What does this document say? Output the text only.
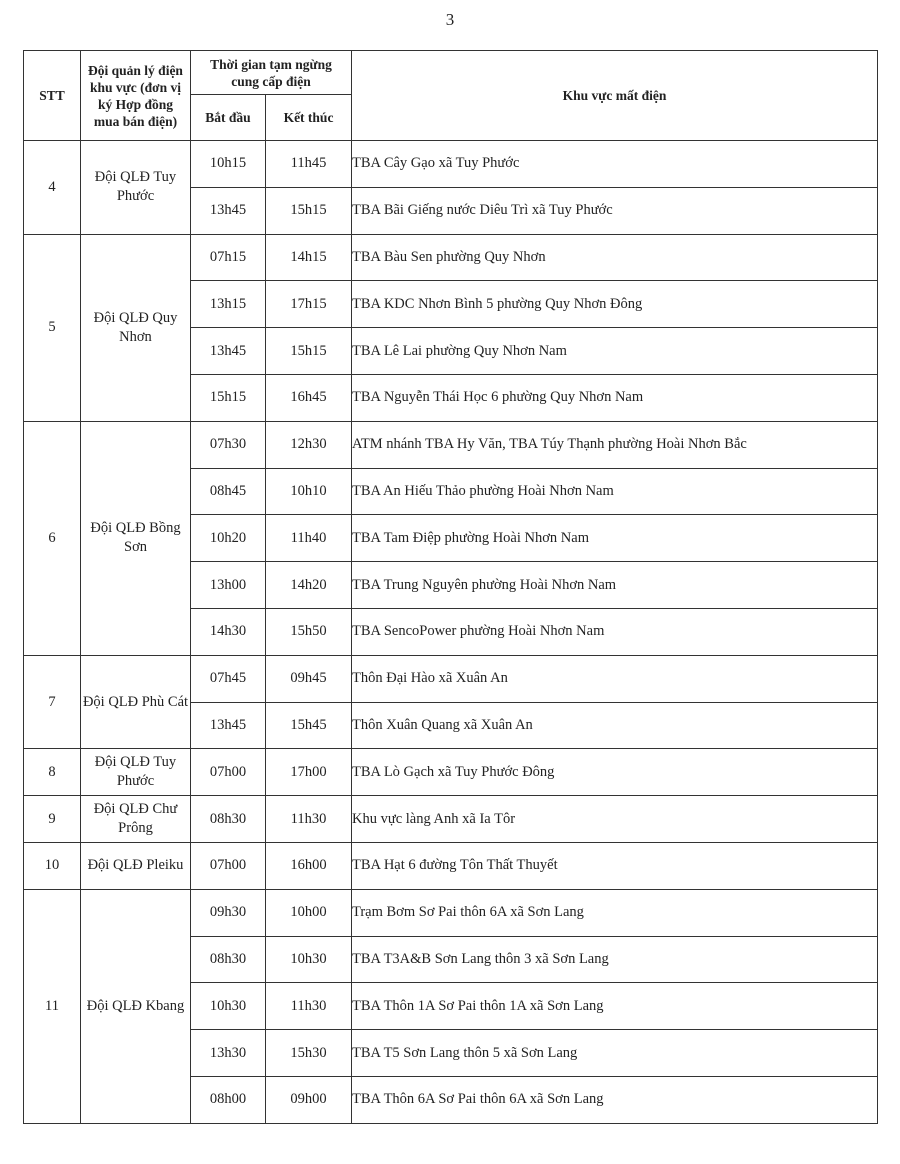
3
STT	Đội quản lý điện khu vực (đơn vị ký Hợp đồng mua bán điện)	Thời gian tạm ngừng cung cấp điện		Khu vực mất điện
		Bắt đầu	Kết thúc	
4	Đội QLĐ Tuy Phước	10h15	11h45	TBA Cây Gạo xã Tuy Phước
		13h45	15h15	TBA Bãi Giếng nước Diêu Trì xã Tuy Phước
5	Đội QLĐ Quy Nhơn	07h15	14h15	TBA Bàu Sen phường Quy Nhơn
		13h15	17h15	TBA KDC Nhơn Bình 5 phường Quy Nhơn Đông
		13h45	15h15	TBA Lê Lai phường Quy Nhơn Nam
		15h15	16h45	TBA Nguyễn Thái Học 6 phường Quy Nhơn Nam
6	Đội QLĐ Bồng Sơn	07h30	12h30	ATM nhánh TBA Hy Văn, TBA Túy Thạnh phường Hoài Nhơn Bắc
		08h45	10h10	TBA An Hiếu Thảo phường Hoài Nhơn Nam
		10h20	11h40	TBA Tam Điệp phường Hoài Nhơn Nam
		13h00	14h20	TBA Trung Nguyên phường Hoài Nhơn Nam
		14h30	15h50	TBA SencoPower phường Hoài Nhơn Nam
7	Đội QLĐ Phù Cát	07h45	09h45	Thôn Đại Hào xã Xuân An
		13h45	15h45	Thôn Xuân Quang xã Xuân An
8	Đội QLĐ Tuy Phước	07h00	17h00	TBA Lò Gạch xã Tuy Phước Đông
9	Đội QLĐ Chư Prông	08h30	11h30	Khu vực làng Anh xã Ia Tôr
10	Đội QLĐ Pleiku	07h00	16h00	TBA Hạt 6 đường Tôn Thất Thuyết
11	Đội QLĐ Kbang	09h30	10h00	Trạm Bơm Sơ Pai thôn 6A xã Sơn Lang
		08h30	10h30	TBA T3A&B Sơn Lang thôn 3 xã Sơn Lang
		10h30	11h30	TBA Thôn 1A Sơ Pai thôn 1A xã Sơn Lang
		13h30	15h30	TBA T5 Sơn Lang thôn 5 xã Sơn Lang
		08h00	09h00	TBA Thôn 6A Sơ Pai thôn 6A xã Sơn Lang
